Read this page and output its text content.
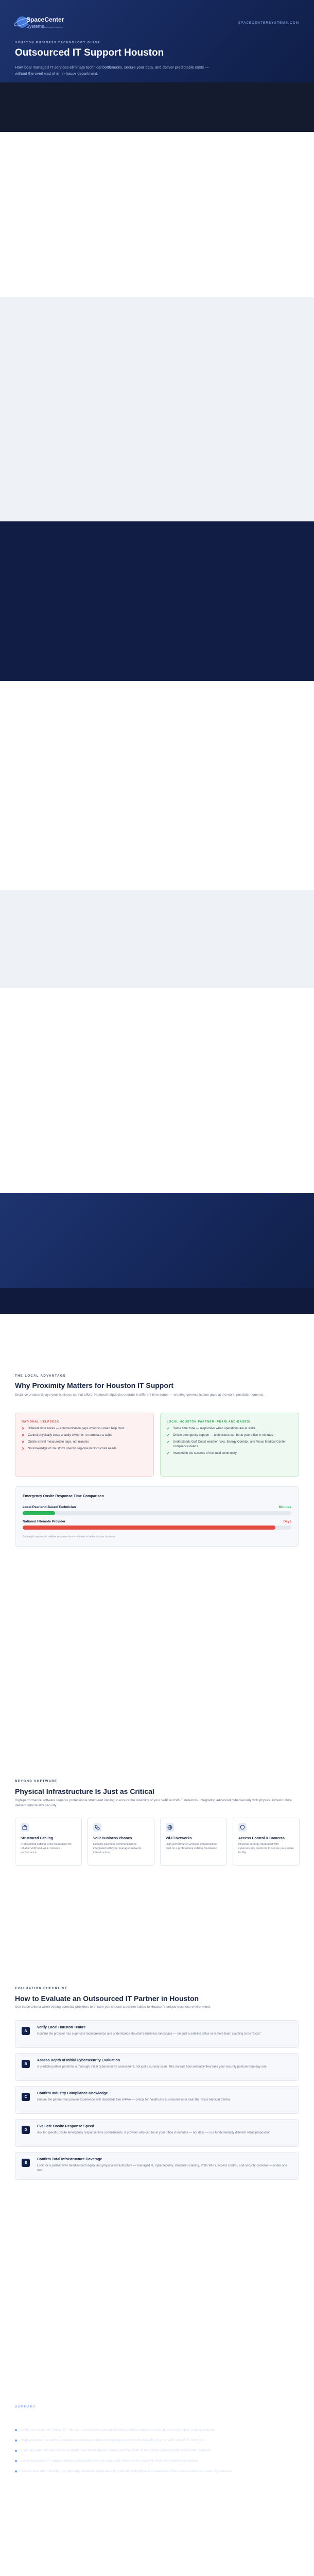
SpaceCenter
Systems
Technology Solutions
SPACECENTERSYSTEMS.COM
HOUSTON BUSINESS TECHNOLOGY GUIDE
Outsourced IT Support Houston

How local managed IT services eliminate technical bottlenecks, secure your data, and deliver predictable costs — without the overhead of an in-house department.

THE LOCAL ADVANTAGE
Why Proximity Matters for Houston IT Support
Distance creates delays your business cannot afford. National helpdesks operate in different time zones — creating communication gaps at the worst possible moments.
NATIONAL HELPDESK
✕ Different time zones — communication gaps when you need help most
✕ Cannot physically swap a faulty switch or re-terminate a cable
✕ Onsite arrival measured in days, not minutes
✕ No knowledge of Houston's specific regional infrastructure needs
LOCAL HOUSTON PARTNER (PEARLAND-BASED)
✓ Same time zone — responsive when operations are at stake
✓ Onsite emergency support — technicians can be at your office in minutes
✓ Understands Gulf Coast weather risks, Energy Corridor, and Texas Medical Center compliance needs
✓ Invested in the success of the local community
Emergency Onsite Response Time Comparison
Local Pearland-Based Technician	Minutes
National / Remote Provider	Days
Bar length represents relative response time — shorter is better for your business
BEYOND SOFTWARE
Physical Infrastructure Is Just as Critical
High-performance software requires professional structured cabling to ensure the reliability of your VoIP and Wi-Fi networks. Integrating advanced cybersecurity with physical infrastructure delivers total facility security.
Structured Cabling
Professional cabling is the foundation for reliable VoIP and Wi-Fi network performance
VoIP Business Phones
Reliable business communications integrated with your managed network infrastructure
Wi-Fi Networks
High-performance wireless infrastructure built on a professional cabling foundation
Access Control & Cameras
Physical security integrated with cybersecurity protocols to secure your entire facility
EVALUATION CHECKLIST
How to Evaluate an Outsourced IT Partner in Houston
Use these criteria when vetting potential providers to ensure you choose a partner suited to Houston's unique business environment.
A
Verify Local Houston Tenure
Confirm the provider has a genuine local presence and understands Houston's business landscape — not just a satellite office or remote team claiming to be "local."
B
Assess Depth of Initial Cybersecurity Evaluation
A credible partner performs a thorough initial cybersecurity assessment, not just a cursory scan. This reveals how seriously they take your security posture from day one.
C
Confirm Industry Compliance Knowledge
Ensure the partner has proven experience with standards like HIPAA — critical for healthcare businesses in or near the Texas Medical Center.
D
Evaluate Onsite Response Speed
Ask for specific onsite emergency response time commitments. A provider who can be at your office in minutes — not days — is a fundamentally different value proposition.
E
Confirm Total Infrastructure Coverage
Look for a partner who handles both digital and physical infrastructure — managed IT, cybersecurity, structured cabling, VoIP, Wi-Fi, access control, and security cameras — under one roof.
SUMMARY
Key Takeaways
Shift from a reactive "break-fix" mindset to a proactive partnership that identifies network issues before they impact your operations.
High-performance software requires professional structured cabling to ensure the reliability of your VoIP and Wi-Fi networks.
Evaluate potential partners by verifying their local Houston tenure and the depth of their initial cybersecurity assessment process.
Local outsourced IT support delivers predictable monthly costs and faster onsite response times than national providers.
Secure your entire facility by integrating advanced cybersecurity protocols with physical infrastructure like access control and security cameras.
